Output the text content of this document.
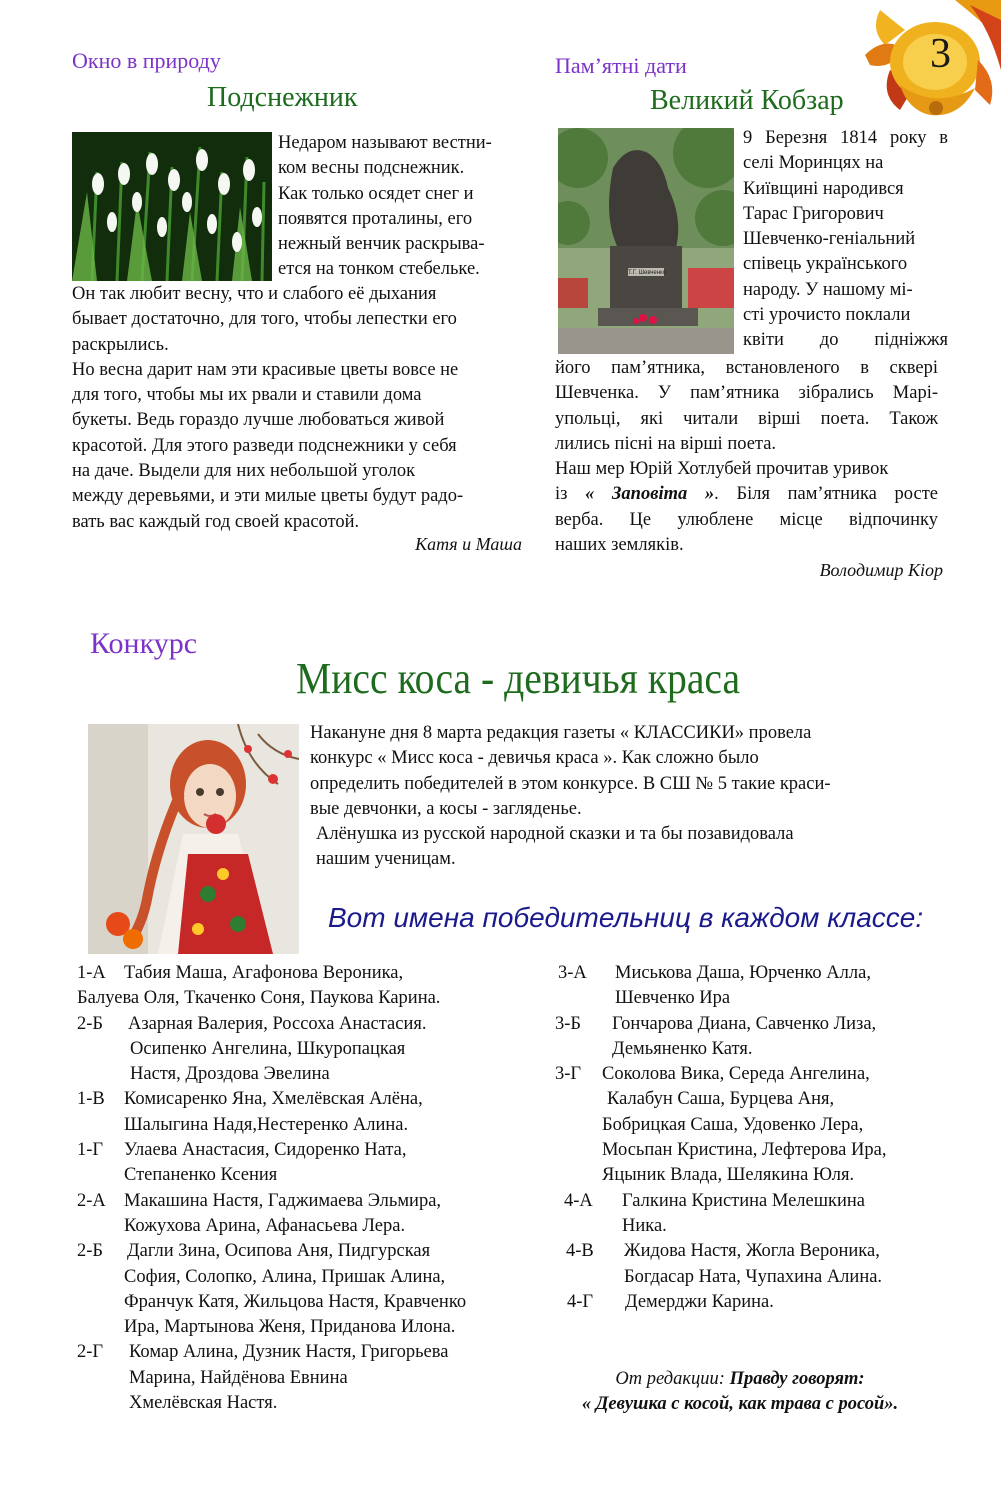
3
Окно в природу
Подснежник
Недаром называют вестни-
ком весны подснежник.
Как только осядет снег и
появятся проталины, его
нежный венчик раскрыва-
ется на тонком стебельке.
Он так любит весну, что и слабого её дыхания
бывает достаточно, для того, чтобы лепестки его
раскрылись.
Но весна дарит нам эти красивые цветы вовсе не
для того, чтобы мы их рвали и ставили дома
букеты. Ведь гораздо лучше любоваться живой
красотой. Для этого разведи подснежники у себя
на даче. Выдели для них небольшой уголок
между деревьями, и эти милые цветы будут радо-
вать вас каждый год своей красотой.
Катя и Маша
Пам’ятні дати
Великий Кобзар
Т.Г. Шевченко
9 Березня 1814 року в
селі Моринцях на
Київщині народився
Тарас Григорович
Шевченко-геніальний
співець українського
народу. У нашому мі-
сті урочисто поклали
квіти до підніжжя
його пам’ятника, встановленого в сквері
Шевченка. У пам’ятника зібрались Марі-
упольці, які читали вірші поета. Також
лились пісні на вірші поета.
Наш мер Юрій Хотлубей прочитав уривок
із « Заповіта ». Біля пам’ятника росте
верба. Це улюблене місце відпочинку
наших земляків.
Володимир Кіор
Конкурс
Мисс коса - девичья краса
Накануне дня 8 марта редакция газеты « КЛАССИКИ» провела
конкурс « Мисс коса - девичья краса ». Как сложно было
определить победителей в этом конкурсе. В СШ № 5 такие краси-
вые девчонки, а косы - загляденье.
Алёнушка из русской народной сказки и та бы позавидовала
нашим ученицам.
Вот имена победительниц в каждом классе:
1-А Табия Маша, Агафонова Вероника,
Балуева Оля, Ткаченко Соня, Паукова Карина.
2-Б	Азарная Валерия, Россоха Анастасия.
Осипенко Ангелина, Шкуропацкая
Настя, Дроздова Эвелина
1-В	Комисаренко Яна, Хмелёвская Алёна,
Шалыгина Надя,Нестеренко Алина.
1-Г	Улаева Анастасия, Сидоренко Ната,
Степаненко Ксения
2-А Макашина Настя, Гаджимаева Эльмира,
Кожухова Арина, Афанасьева Лера.
2-Б	Дагли Зина, Осипова Аня, Пидгурская
София, Солопко, Алина, Пришак Алина,
Франчук Катя, Жильцова Настя, Кравченко
Ира, Мартынова Женя, Приданова Илона.
2-Г	Комар Алина, Дузник Настя, Григорьева
Марина, Найдёнова Евнина
Хмелёвская Настя.
3-А	Миськова Даша, Юрченко Алла,
Шевченко Ира
3-Б	Гончарова Диана, Савченко Лиза,
Демьяненко Катя.
3-Г	Соколова Вика, Середа Ангелина,
Калабун Саша, Бурцева Аня,
Бобрицкая Саша, Удовенко Лера,
Мосьпан Кристина, Лефтерова Ира,
Яцыник Влада, Шелякина Юля.
4-А	Галкина Кристина Мелешкина
Ника.
4-В	Жидова Настя, Жогла Вероника,
Богдасар Ната, Чупахина Алина.
4-Г	Демерджи Карина.
От редакции: Правду говорят:
« Девушка с косой, как трава с росой».
